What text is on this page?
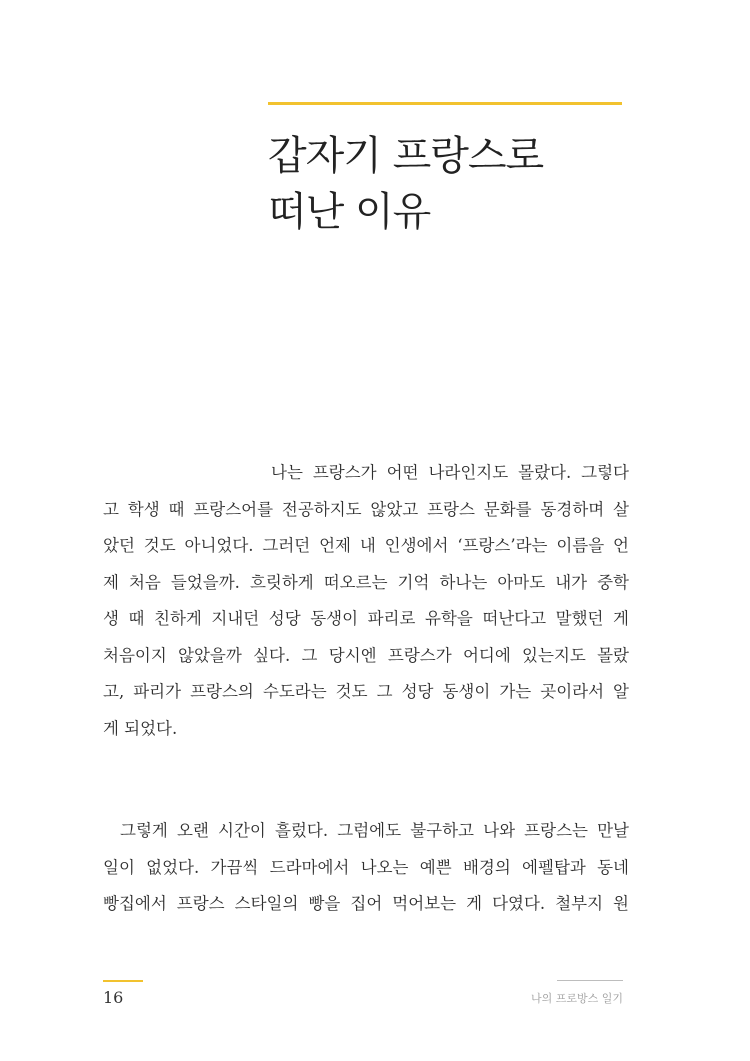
갑자기 프랑스로
떠난 이유
나는 프랑스가 어떤 나라인지도 몰랐다. 그렇다
고 학생 때 프랑스어를 전공하지도 않았고 프랑스 문화를 동경하며 살
았던 것도 아니었다. 그러던 언제 내 인생에서 ‘프랑스’라는 이름을 언
제 처음 들었을까. 흐릿하게 떠오르는 기억 하나는 아마도 내가 중학
생 때 친하게 지내던 성당 동생이 파리로 유학을 떠난다고 말했던 게
처음이지 않았을까 싶다. 그 당시엔 프랑스가 어디에 있는지도 몰랐
고, 파리가 프랑스의 수도라는 것도 그 성당 동생이 가는 곳이라서 알
게 되었다.
그렇게 오랜 시간이 흘렀다. 그럼에도 불구하고 나와 프랑스는 만날
일이 없었다. 가끔씩 드라마에서 나오는 예쁜 배경의 에펠탑과 동네
빵집에서 프랑스 스타일의 빵을 집어 먹어보는 게 다였다. 철부지 원
16	나의 프로방스 일기
